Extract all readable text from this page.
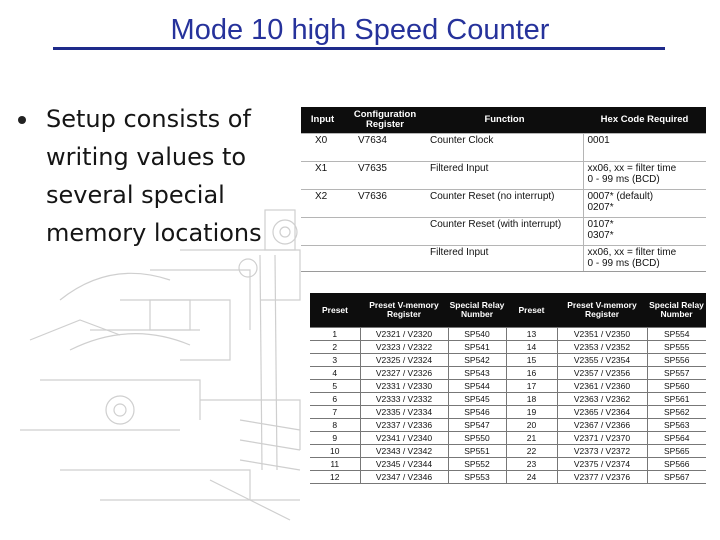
Mode 10 high Speed Counter
Setup consists of writing values to several special memory locations
Input	Configuration Register	Function	Hex Code Required
X0	V7634	Counter Clock	0001

X1	V7635	Filtered Input	xx06, xx = filter time
0 - 99 ms (BCD)

X2	V7636	Counter Reset (no interrupt)	0007* (default)
0207*

		Counter Reset (with interrupt)	0107*
0307*

		Filtered Input	xx06, xx = filter time
0 - 99 ms (BCD)
Preset	Preset V-memory Register	Special Relay Number	Preset	Preset V-memory Register	Special Relay Number
1	V2321 / V2320	SP540	13	V2351 / V2350	SP554
2	V2323 / V2322	SP541	14	V2353 / V2352	SP555
3	V2325 / V2324	SP542	15	V2355 / V2354	SP556
4	V2327 / V2326	SP543	16	V2357 / V2356	SP557
5	V2331 / V2330	SP544	17	V2361 / V2360	SP560
6	V2333 / V2332	SP545	18	V2363 / V2362	SP561
7	V2335 / V2334	SP546	19	V2365 / V2364	SP562
8	V2337 / V2336	SP547	20	V2367 / V2366	SP563
9	V2341 / V2340	SP550	21	V2371 / V2370	SP564
10	V2343 / V2342	SP551	22	V2373 / V2372	SP565
11	V2345 / V2344	SP552	23	V2375 / V2374	SP566
12	V2347 / V2346	SP553	24	V2377 / V2376	SP567
